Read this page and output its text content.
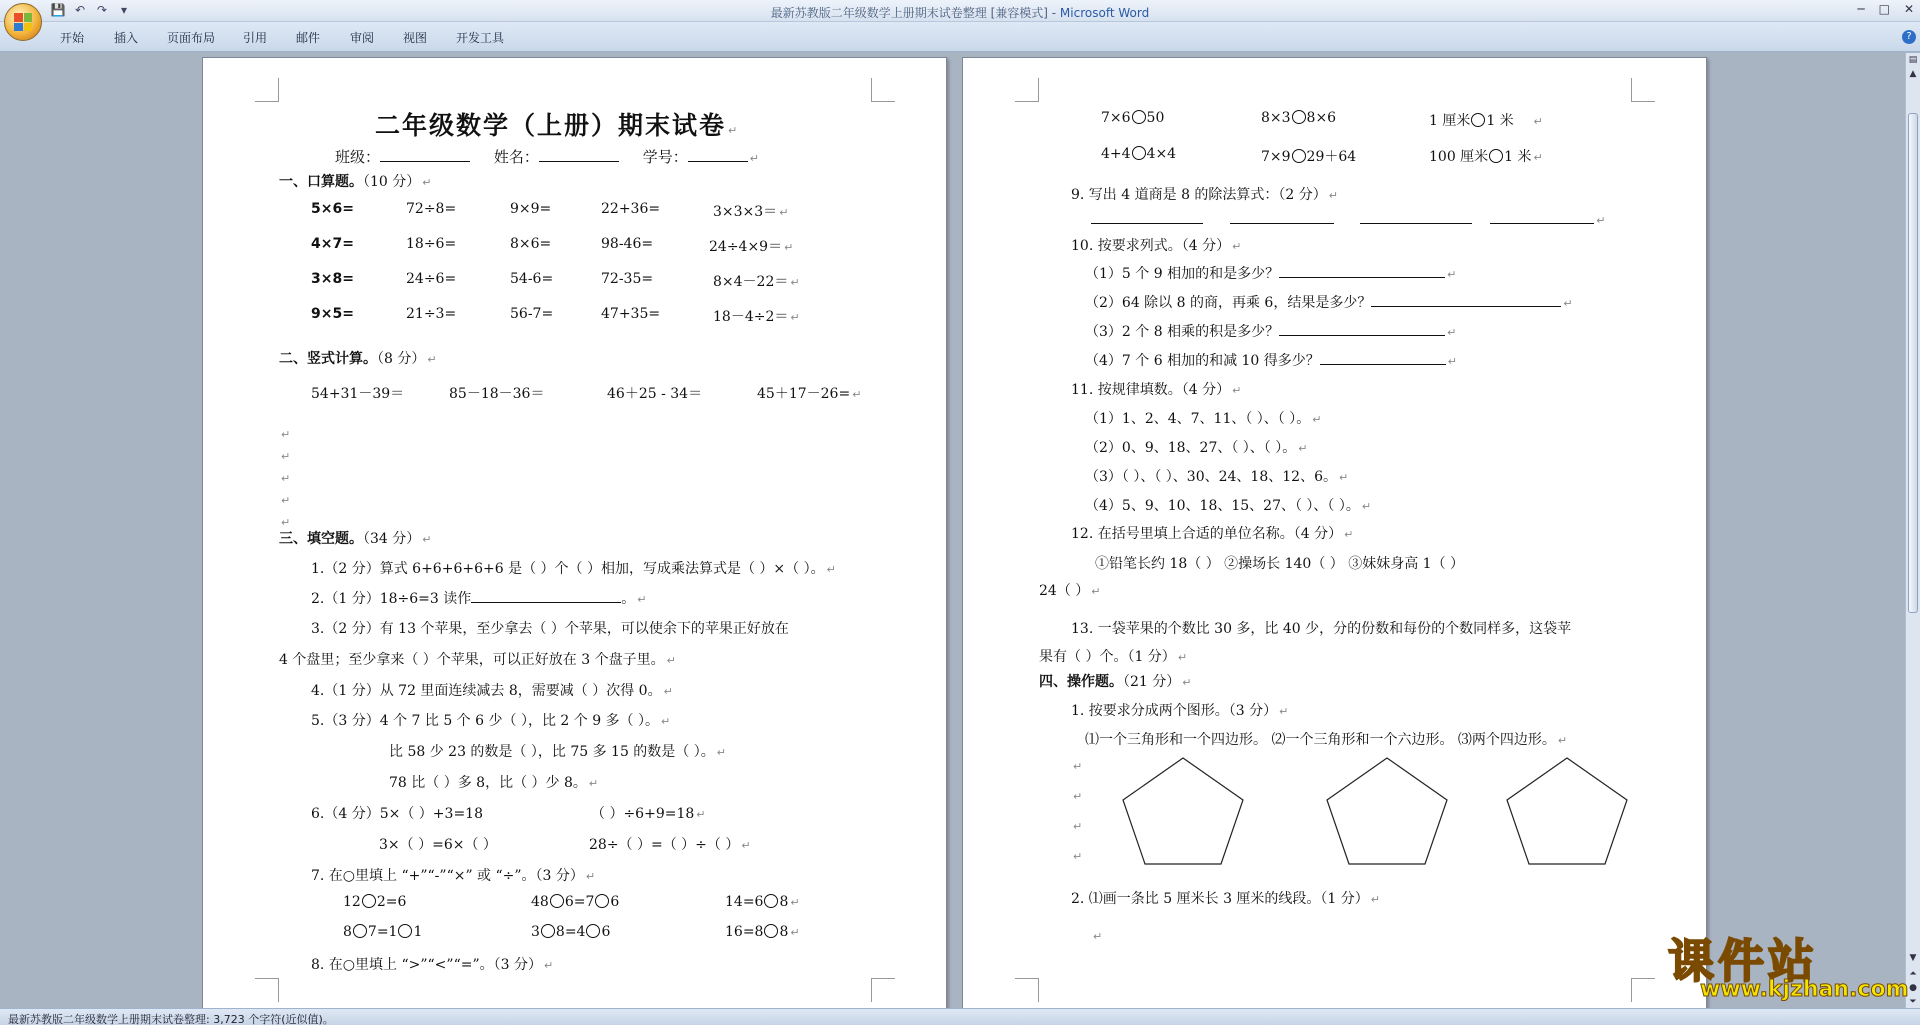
💾 ↶ ↷	▾	最新苏教版二年级数学上册期末试卷整理 [兼容模式] - Microsoft Word	─ □ ✕
开始 插入 页面布局 引用 邮件 审阅 视图 开发工具	?
二年级数学（上册）期末试卷 ↵
班级：	姓名：	学号：	↵
一、口算题。（10 分） ↵
5×6=	72÷8=	9×9=	22+36=	3×3×3＝ ↵
4×7=	18÷6=	8×6=	98-46=	24÷4×9＝ ↵
3×8=	24÷6=	54-6=	72-35=	8×4－22＝ ↵
9×5=	21÷3=	56-7=	47+35=	18－4÷2＝ ↵
二、竖式计算。（8 分） ↵
54+31－39＝	85－18－36＝	46＋25 - 34＝	45＋17－26= ↵
↵
↵
↵
↵
↵
三、填空题。（34 分） ↵
1.（2 分）算式 6+6+6+6+6 是（ ）个（ ）相加，写成乘法算式是（ ）×（ ）。 ↵
2.（1 分）18÷6=3 读作	。 ↵
3.（2 分）有 13 个苹果，至少拿去（ ）个苹果，可以使余下的苹果正好放在
4 个盘里；至少拿来（ ）个苹果，可以正好放在 3 个盘子里。 ↵
4.（1 分）从 72 里面连续减去 8，需要减（ ）次得 0。 ↵
5.（3 分）4 个 7 比 5 个 6 少（ ），比 2 个 9 多（ ）。 ↵
比 58 少 23 的数是（ ），比 75 多 15 的数是（ ）。 ↵
78 比（ ）多 8，比（ ）少 8。 ↵
6.（4 分）5×（ ）+3=18	（ ）÷6+9=18 ↵
3×（ ）=6×（ ）	28÷（ ）=（ ）÷（ ） ↵
7. 在○里填上 “+”“-”“×” 或 “÷”。（3 分） ↵
12 2=6	48 6=7 6	14=6 8 ↵
8 7=1 1	3 8=4 6	16=8 8 ↵
8. 在○里填上 “>”“<”“=”。（3 分） ↵
7×6 50	8×3 8×6	1 厘米 1 米 ↵
4+4 4×4	7×9 29＋64	100 厘米 1 米 ↵
9. 写出 4 道商是 8 的除法算式：（2 分） ↵
↵
10. 按要求列式。（4 分） ↵
（1）5 个 9 相加的和是多少？	↵
（2）64 除以 8 的商，再乘 6，结果是多少？	↵
（3）2 个 8 相乘的积是多少？	↵
（4）7 个 6 相加的和减 10 得多少？	↵
11. 按规律填数。（4 分） ↵
（1）1、2、4、7、11、（ ）、（ ）。 ↵
（2）0、9、18、27、（ ）、（ ）。 ↵
（3）（ ）、（ ）、30、24、18、12、6。 ↵
（4）5、9、10、18、15、27、（ ）、（ ）。 ↵
12. 在括号里填上合适的单位名称。（4 分） ↵
①铅笔长约 18（ ） ②操场长 140（ ） ③妹妹身高 1（ ）
24（ ） ↵
13. 一袋苹果的个数比 30 多，比 40 少，分的份数和每份的个数同样多，这袋苹
果有（ ）个。（1 分） ↵
四、操作题。（21 分） ↵
1. 按要求分成两个图形。（3 分） ↵
⑴一个三角形和一个四边形。 ⑵一个三角形和一个六边形。 ⑶两个四边形。 ↵
↵
↵
↵
↵
2. ⑴画一条比 5 厘米长 3 厘米的线段。（1 分） ↵
↵
▤
▲
▼
⏶
●
⏷
最新苏教版二年级数学上册期末试卷整理: 3,723 个字符(近似值)。
课件站
www.kjzhan.com
